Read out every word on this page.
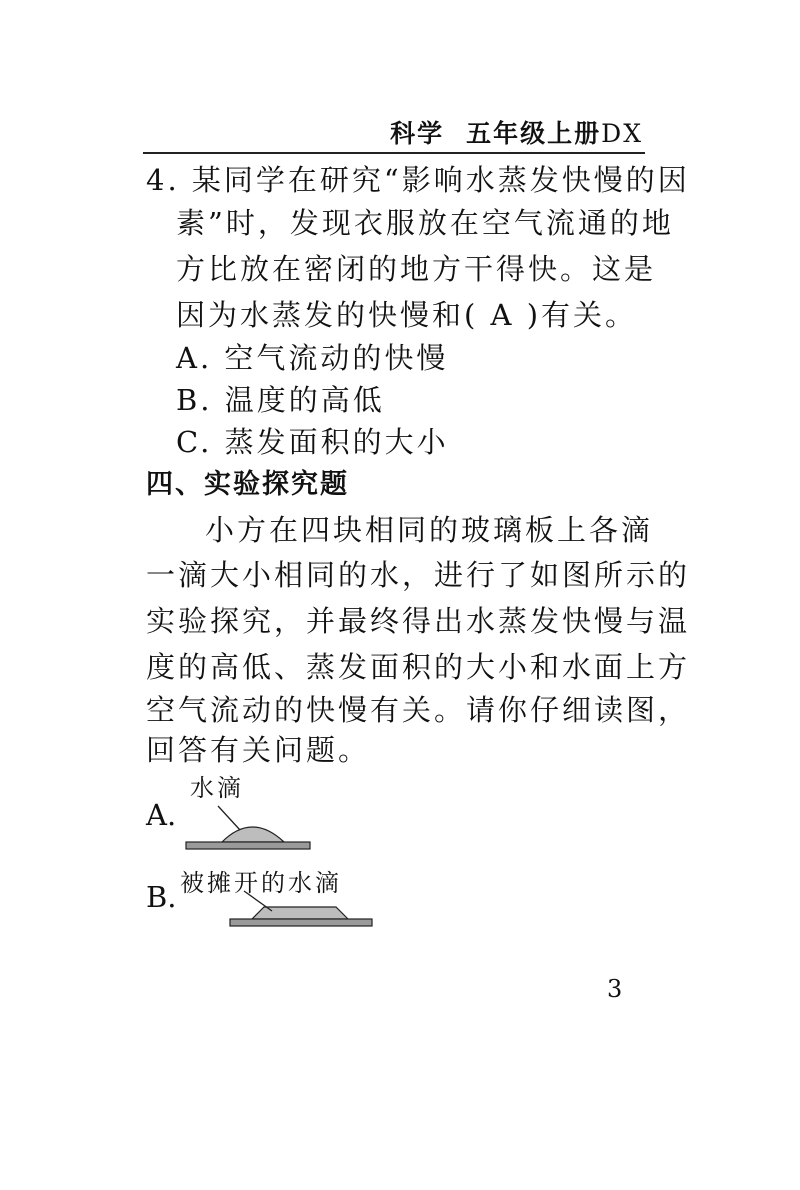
科学 五年级上册DX
4. 某同学在研究“影响水蒸发快慢的因
素”时，发现衣服放在空气流通的地
方比放在密闭的地方干得快。这是
因为水蒸发的快慢和( A )有关。
A. 空气流动的快慢
B. 温度的高低
C. 蒸发面积的大小
四、实验探究题
小方在四块相同的玻璃板上各滴
一滴大小相同的水，进行了如图所示的
实验探究，并最终得出水蒸发快慢与温
度的高低、蒸发面积的大小和水面上方
空气流动的快慢有关。请你仔细读图，
回答有关问题。
A.
水滴
B. 被摊开的水滴
3
